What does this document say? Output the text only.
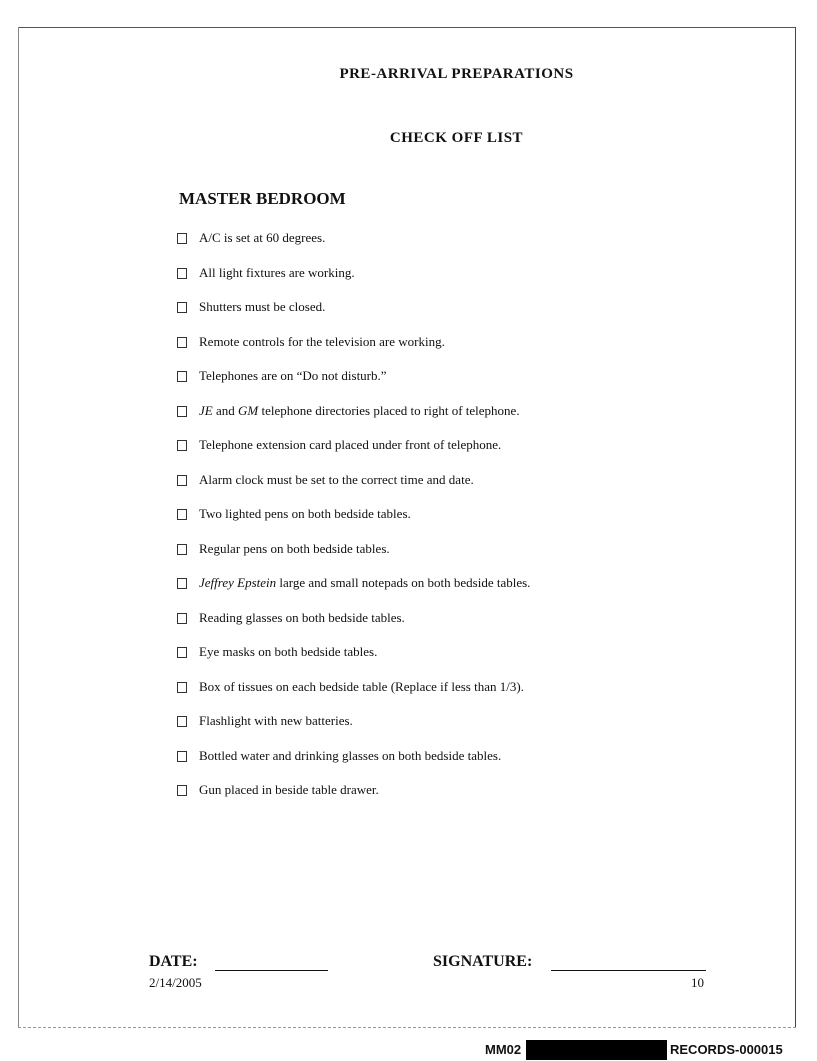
PRE-ARRIVAL PREPARATIONS
CHECK OFF LIST
MASTER BEDROOM
A/C is set at 60 degrees.
All light fixtures are working.
Shutters must be closed.
Remote controls for the television are working.
Telephones are on “Do not disturb.”
JE and GM telephone directories placed to right of telephone.
Telephone extension card placed under front of telephone.
Alarm clock must be set to the correct time and date.
Two lighted pens on both bedside tables.
Regular pens on both bedside tables.
Jeffrey Epstein large and small notepads on both bedside tables.
Reading glasses on both bedside tables.
Eye masks on both bedside tables.
Box of tissues on each bedside table (Replace if less than 1/3).
Flashlight with new batteries.
Bottled water and drinking glasses on both bedside tables.
Gun placed in beside table drawer.
DATE:	SIGNATURE:
2/14/2005	10
MM02	RECORDS-000015
